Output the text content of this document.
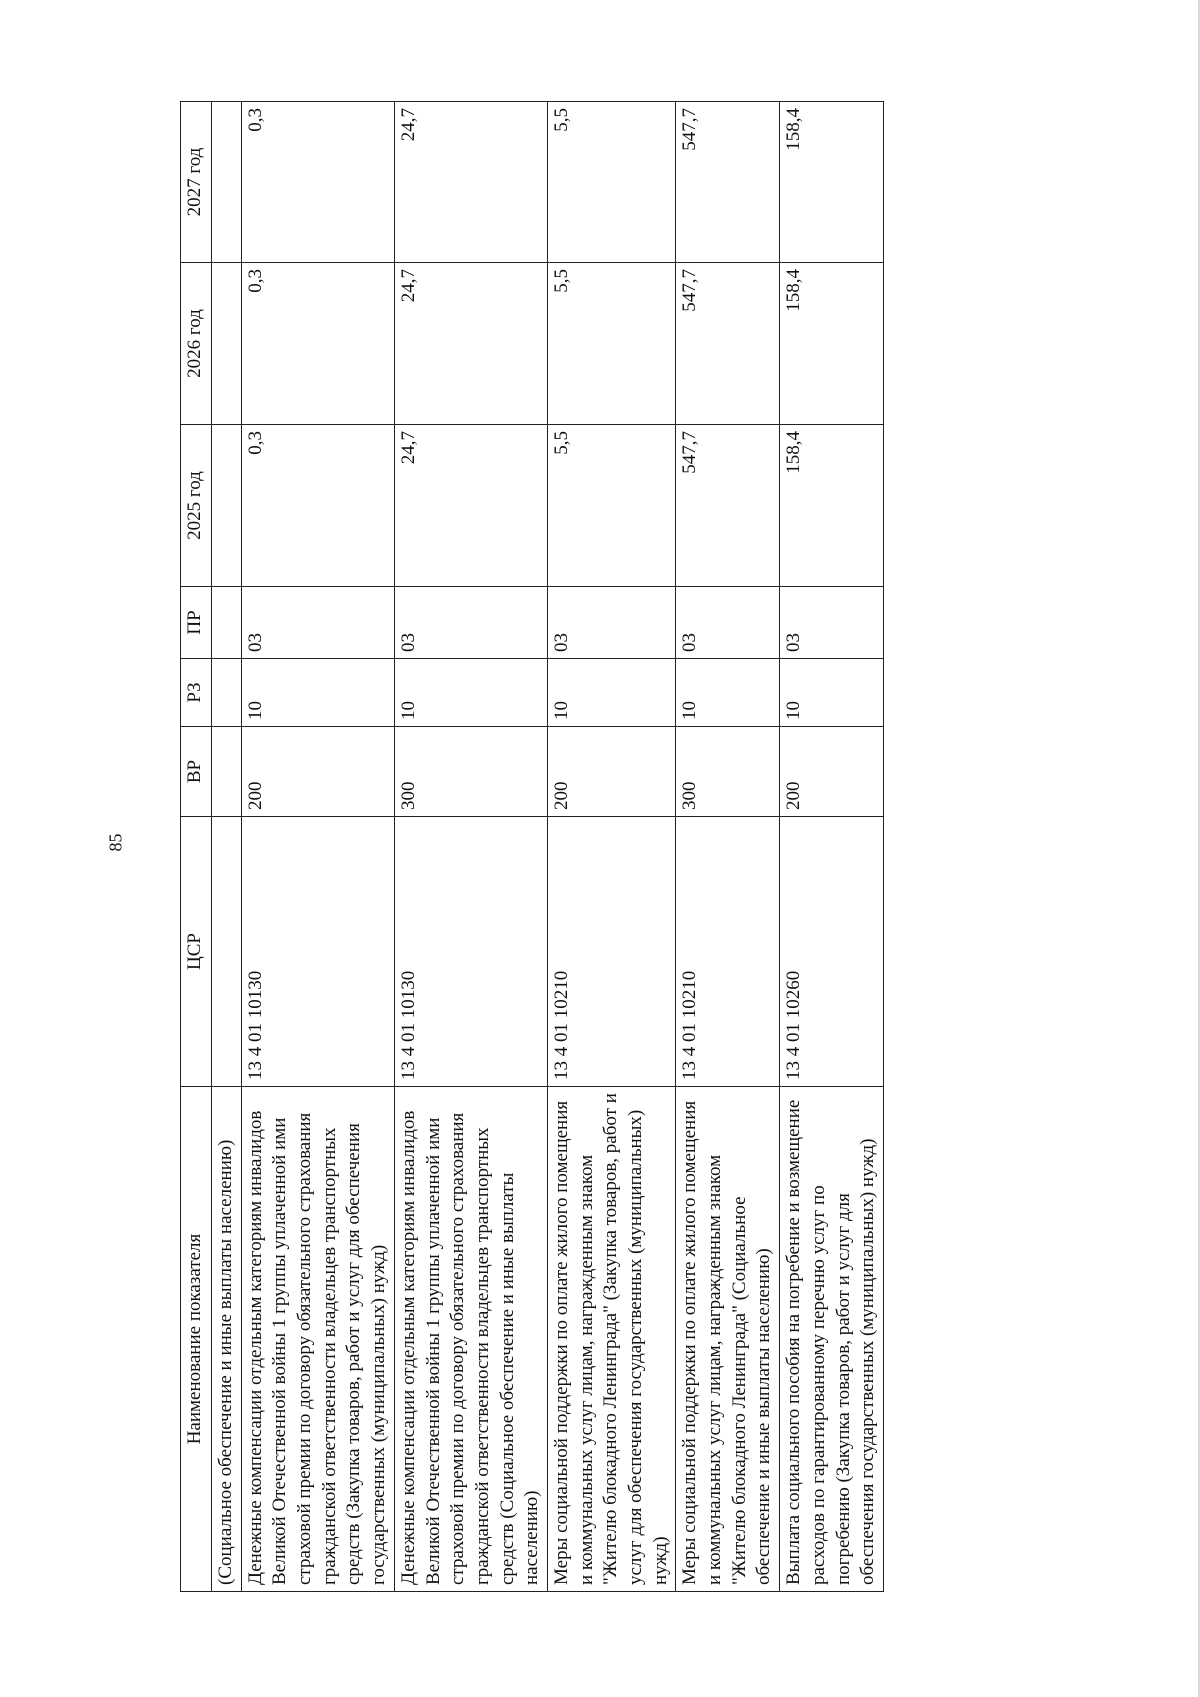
85
Наименование показателя	ЦСР	ВР	РЗ	ПР	2025 год	2026 год	2027 год
(Социальное обеспечение и иные выплаты населению)							
Денежные компенсации отдельным категориям инвалидов Великой Отечественной войны 1 группы уплаченной ими страховой премии по договору обязательного страхования гражданской ответственности владельцев транспортных средств (Закупка товаров, работ и услуг для обеспечения государственных (муниципальных) нужд)	13 4 01 10130	200	10	03	0,3	0,3	0,3
Денежные компенсации отдельным категориям инвалидов Великой Отечественной войны 1 группы уплаченной ими страховой премии по договору обязательного страхования гражданской ответственности владельцев транспортных средств (Социальное обеспечение и иные выплаты населению)	13 4 01 10130	300	10	03	24,7	24,7	24,7
Меры социальной поддержки по оплате жилого помещения и коммунальных услуг лицам, награжденным знаком "Жителю блокадного Ленинграда" (Закупка товаров, работ и услуг для обеспечения государственных (муниципальных) нужд)	13 4 01 10210	200	10	03	5,5	5,5	5,5
Меры социальной поддержки по оплате жилого помещения и коммунальных услуг лицам, награжденным знаком "Жителю блокадного Ленинграда" (Социальное обеспечение и иные выплаты населению)	13 4 01 10210	300	10	03	547,7	547,7	547,7
Выплата социального пособия на погребение и возмещение расходов по гарантированному перечню услуг по погребению (Закупка товаров, работ и услуг для обеспечения государственных (муниципальных) нужд)	13 4 01 10260	200	10	03	158,4	158,4	158,4
